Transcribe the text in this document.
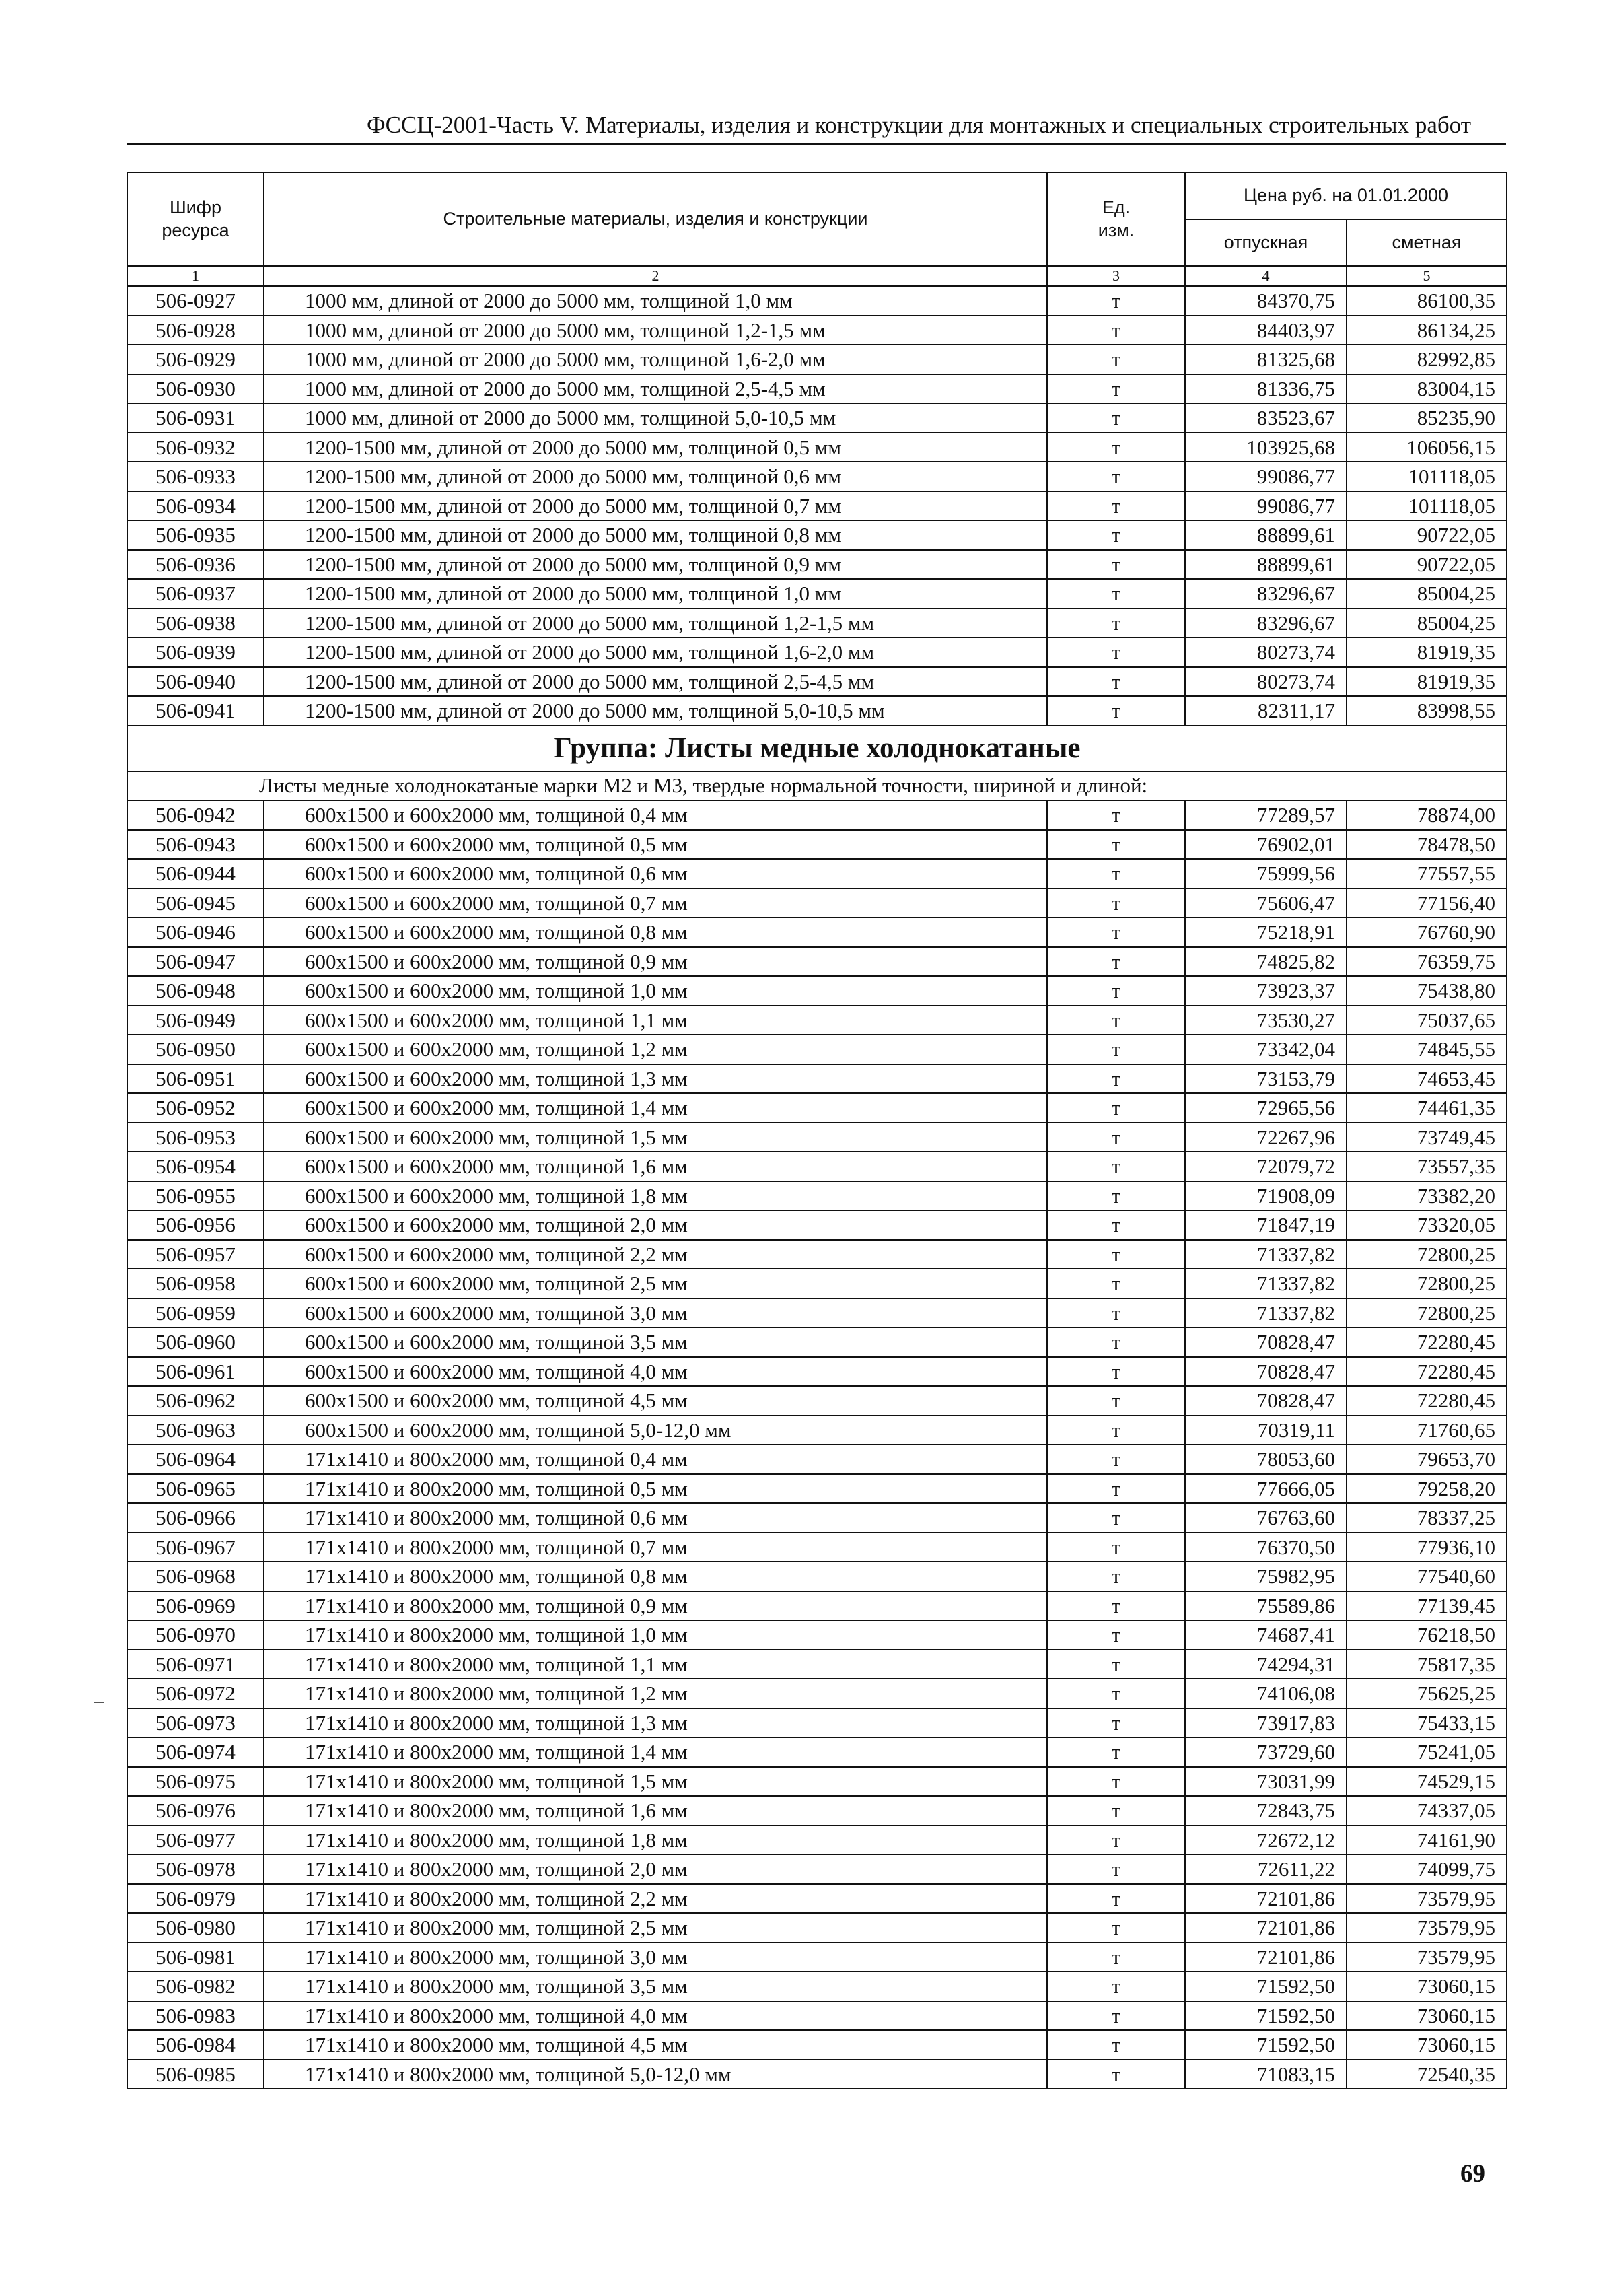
ФССЦ-2001-Часть V. Материалы, изделия и конструкции для монтажных и специальных строительных работ
Шифр ресурса	Строительные материалы, изделия и конструкции	Ед. изм.	Цена руб. на 01.01.2000	
			отпускная	сметная
1	2	3	4	5
506-0927	1000 мм, длиной от 2000 до 5000 мм, толщиной 1,0 мм	т	84370,75	86100,35
506-0928	1000 мм, длиной от 2000 до 5000 мм, толщиной 1,2-1,5 мм	т	84403,97	86134,25
506-0929	1000 мм, длиной от 2000 до 5000 мм, толщиной 1,6-2,0 мм	т	81325,68	82992,85
506-0930	1000 мм, длиной от 2000 до 5000 мм, толщиной 2,5-4,5 мм	т	81336,75	83004,15
506-0931	1000 мм, длиной от 2000 до 5000 мм, толщиной 5,0-10,5 мм	т	83523,67	85235,90
506-0932	1200-1500 мм, длиной от 2000 до 5000 мм, толщиной 0,5 мм	т	103925,68	106056,15
506-0933	1200-1500 мм, длиной от 2000 до 5000 мм, толщиной 0,6 мм	т	99086,77	101118,05
506-0934	1200-1500 мм, длиной от 2000 до 5000 мм, толщиной 0,7 мм	т	99086,77	101118,05
506-0935	1200-1500 мм, длиной от 2000 до 5000 мм, толщиной 0,8 мм	т	88899,61	90722,05
506-0936	1200-1500 мм, длиной от 2000 до 5000 мм, толщиной 0,9 мм	т	88899,61	90722,05
506-0937	1200-1500 мм, длиной от 2000 до 5000 мм, толщиной 1,0 мм	т	83296,67	85004,25
506-0938	1200-1500 мм, длиной от 2000 до 5000 мм, толщиной 1,2-1,5 мм	т	83296,67	85004,25
506-0939	1200-1500 мм, длиной от 2000 до 5000 мм, толщиной 1,6-2,0 мм	т	80273,74	81919,35
506-0940	1200-1500 мм, длиной от 2000 до 5000 мм, толщиной 2,5-4,5 мм	т	80273,74	81919,35
506-0941	1200-1500 мм, длиной от 2000 до 5000 мм, толщиной 5,0-10,5 мм	т	82311,17	83998,55
Группа: Листы медные холоднокатаные				
Листы медные холоднокатаные марки М2 и М3, твердые нормальной точности, шириной и длиной:				
506-0942	600x1500 и 600x2000 мм, толщиной 0,4 мм	т	77289,57	78874,00
506-0943	600x1500 и 600x2000 мм, толщиной 0,5 мм	т	76902,01	78478,50
506-0944	600x1500 и 600x2000 мм, толщиной 0,6 мм	т	75999,56	77557,55
506-0945	600x1500 и 600x2000 мм, толщиной 0,7 мм	т	75606,47	77156,40
506-0946	600x1500 и 600x2000 мм, толщиной 0,8 мм	т	75218,91	76760,90
506-0947	600x1500 и 600x2000 мм, толщиной 0,9 мм	т	74825,82	76359,75
506-0948	600x1500 и 600x2000 мм, толщиной 1,0 мм	т	73923,37	75438,80
506-0949	600x1500 и 600x2000 мм, толщиной 1,1 мм	т	73530,27	75037,65
506-0950	600x1500 и 600x2000 мм, толщиной 1,2 мм	т	73342,04	74845,55
506-0951	600x1500 и 600x2000 мм, толщиной 1,3 мм	т	73153,79	74653,45
506-0952	600x1500 и 600x2000 мм, толщиной 1,4 мм	т	72965,56	74461,35
506-0953	600x1500 и 600x2000 мм, толщиной 1,5 мм	т	72267,96	73749,45
506-0954	600x1500 и 600x2000 мм, толщиной 1,6 мм	т	72079,72	73557,35
506-0955	600x1500 и 600x2000 мм, толщиной 1,8 мм	т	71908,09	73382,20
506-0956	600x1500 и 600x2000 мм, толщиной 2,0 мм	т	71847,19	73320,05
506-0957	600x1500 и 600x2000 мм, толщиной 2,2 мм	т	71337,82	72800,25
506-0958	600x1500 и 600x2000 мм, толщиной 2,5 мм	т	71337,82	72800,25
506-0959	600x1500 и 600x2000 мм, толщиной 3,0 мм	т	71337,82	72800,25
506-0960	600x1500 и 600x2000 мм, толщиной 3,5 мм	т	70828,47	72280,45
506-0961	600x1500 и 600x2000 мм, толщиной 4,0 мм	т	70828,47	72280,45
506-0962	600x1500 и 600x2000 мм, толщиной 4,5 мм	т	70828,47	72280,45
506-0963	600x1500 и 600x2000 мм, толщиной 5,0-12,0 мм	т	70319,11	71760,65
506-0964	171x1410 и 800x2000 мм, толщиной 0,4 мм	т	78053,60	79653,70
506-0965	171x1410 и 800x2000 мм, толщиной 0,5 мм	т	77666,05	79258,20
506-0966	171x1410 и 800x2000 мм, толщиной 0,6 мм	т	76763,60	78337,25
506-0967	171x1410 и 800x2000 мм, толщиной 0,7 мм	т	76370,50	77936,10
506-0968	171x1410 и 800x2000 мм, толщиной 0,8 мм	т	75982,95	77540,60
506-0969	171x1410 и 800x2000 мм, толщиной 0,9 мм	т	75589,86	77139,45
506-0970	171x1410 и 800x2000 мм, толщиной 1,0 мм	т	74687,41	76218,50
506-0971	171x1410 и 800x2000 мм, толщиной 1,1 мм	т	74294,31	75817,35
506-0972	171x1410 и 800x2000 мм, толщиной 1,2 мм	т	74106,08	75625,25
506-0973	171x1410 и 800x2000 мм, толщиной 1,3 мм	т	73917,83	75433,15
506-0974	171x1410 и 800x2000 мм, толщиной 1,4 мм	т	73729,60	75241,05
506-0975	171x1410 и 800x2000 мм, толщиной 1,5 мм	т	73031,99	74529,15
506-0976	171x1410 и 800x2000 мм, толщиной 1,6 мм	т	72843,75	74337,05
506-0977	171x1410 и 800x2000 мм, толщиной 1,8 мм	т	72672,12	74161,90
506-0978	171x1410 и 800x2000 мм, толщиной 2,0 мм	т	72611,22	74099,75
506-0979	171x1410 и 800x2000 мм, толщиной 2,2 мм	т	72101,86	73579,95
506-0980	171x1410 и 800x2000 мм, толщиной 2,5 мм	т	72101,86	73579,95
506-0981	171x1410 и 800x2000 мм, толщиной 3,0 мм	т	72101,86	73579,95
506-0982	171x1410 и 800x2000 мм, толщиной 3,5 мм	т	71592,50	73060,15
506-0983	171x1410 и 800x2000 мм, толщиной 4,0 мм	т	71592,50	73060,15
506-0984	171x1410 и 800x2000 мм, толщиной 4,5 мм	т	71592,50	73060,15
506-0985	171x1410 и 800x2000 мм, толщиной 5,0-12,0 мм	т	71083,15	72540,35
69
